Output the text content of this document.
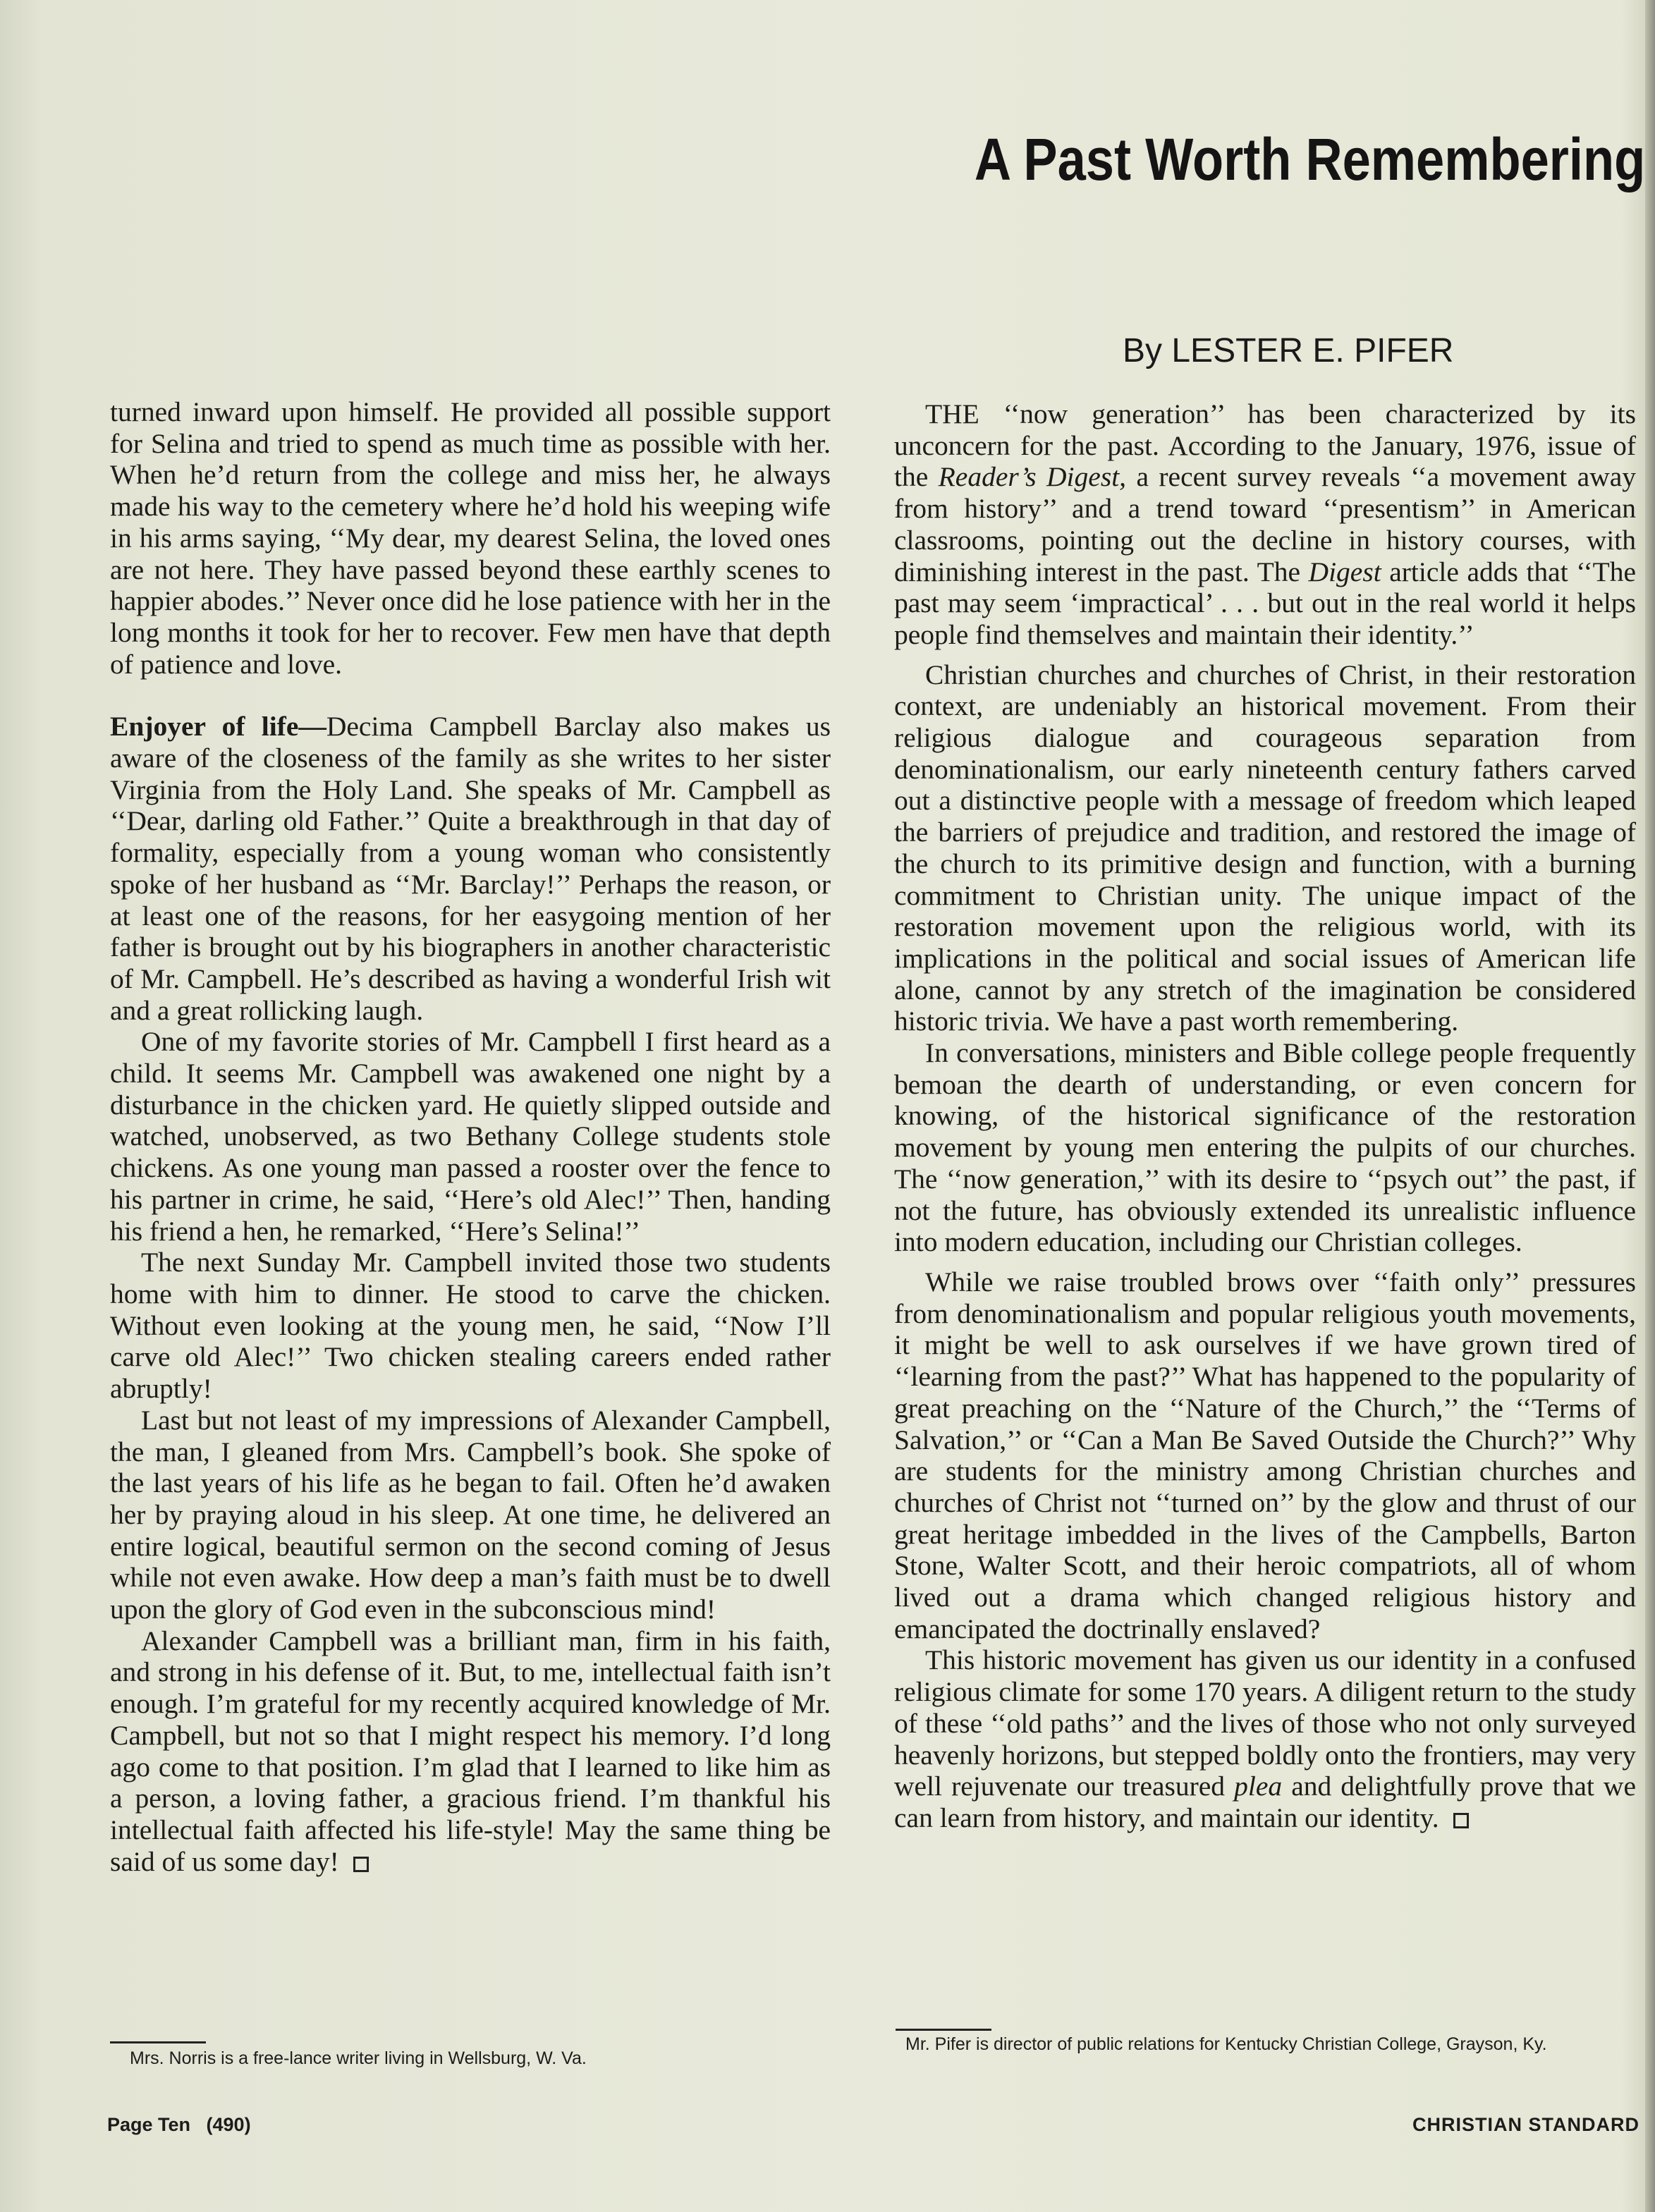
A Past Worth Remembering
By LESTER E. PIFER

turned inward upon himself. He provided all possible support for Selina and tried to spend as much time as possible with her. When he’d return from the college and miss her, he always made his way to the cemetery where he’d hold his weeping wife in his arms saying, ‘‘My dear, my dearest Selina, the loved ones are not here. They have passed beyond these earthly scenes to happier abodes.’’ Never once did he lose patience with her in the long months it took for her to recover. Few men have that depth of patience and love.

Enjoyer of life—Decima Campbell Barclay also makes us aware of the closeness of the family as she writes to her sister Virginia from the Holy Land. She speaks of Mr. Campbell as ‘‘Dear, darling old Father.’’ Quite a breakthrough in that day of formality, especially from a young woman who consistently spoke of her husband as ‘‘Mr. Barclay!’’ Perhaps the reason, or at least one of the reasons, for her easygoing mention of her father is brought out by his biographers in another characteristic of Mr. Campbell. He’s described as having a wonderful Irish wit and a great rollicking laugh.

One of my favorite stories of Mr. Campbell I first heard as a child. It seems Mr. Campbell was awakened one night by a disturbance in the chicken yard. He quietly slipped outside and watched, unobserved, as two Bethany College students stole chickens. As one young man passed a rooster over the fence to his partner in crime, he said, ‘‘Here’s old Alec!’’ Then, handing his friend a hen, he remarked, ‘‘Here’s Selina!’’

The next Sunday Mr. Campbell invited those two students home with him to dinner. He stood to carve the chicken. Without even looking at the young men, he said, ‘‘Now I’ll carve old Alec!’’ Two chicken stealing careers ended rather abruptly!

Last but not least of my impressions of Alexander Campbell, the man, I gleaned from Mrs. Campbell’s book. She spoke of the last years of his life as he began to fail. Often he’d awaken her by praying aloud in his sleep. At one time, he delivered an entire logical, beautiful sermon on the second coming of Jesus while not even awake. How deep a man’s faith must be to dwell upon the glory of God even in the subconscious mind!

Alexander Campbell was a brilliant man, firm in his faith, and strong in his defense of it. But, to me, intellectual faith isn’t enough. I’m grateful for my recently acquired knowledge of Mr. Campbell, but not so that I might respect his memory. I’d long ago come to that position. I’m glad that I learned to like him as a person, a loving father, a gracious friend. I’m thankful his intellectual faith affected his life-style! May the same thing be said of us some day!

Mrs. Norris is a free-lance writer living in Wellsburg, W. Va.

THE ‘‘now generation’’ has been characterized by its unconcern for the past. According to the January, 1976, issue of the Reader’s Digest, a recent survey reveals ‘‘a movement away from history’’ and a trend toward ‘‘presentism’’ in American classrooms, pointing out the decline in history courses, with diminishing interest in the past. The Digest article adds that ‘‘The past may seem ‘impractical’ . . . but out in the real world it helps people find themselves and maintain their identity.’’

Christian churches and churches of Christ, in their restoration context, are undeniably an historical movement. From their religious dialogue and courageous separation from denominationalism, our early nineteenth century fathers carved out a distinctive people with a message of freedom which leaped the barriers of prejudice and tradition, and restored the image of the church to its primitive design and function, with a burning commitment to Christian unity. The unique impact of the restoration movement upon the religious world, with its implications in the political and social issues of American life alone, cannot by any stretch of the imagination be considered historic trivia. We have a past worth remembering.

In conversations, ministers and Bible college people frequently bemoan the dearth of understanding, or even concern for knowing, of the historical significance of the restoration movement by young men entering the pulpits of our churches. The ‘‘now generation,’’ with its desire to ‘‘psych out’’ the past, if not the future, has obviously extended its unrealistic influence into modern education, including our Christian colleges.

While we raise troubled brows over ‘‘faith only’’ pressures from denominationalism and popular religious youth movements, it might be well to ask ourselves if we have grown tired of ‘‘learning from the past?’’ What has happened to the popularity of great preaching on the ‘‘Nature of the Church,’’ the ‘‘Terms of Salvation,’’ or ‘‘Can a Man Be Saved Outside the Church?’’ Why are students for the ministry among Christian churches and churches of Christ not ‘‘turned on’’ by the glow and thrust of our great heritage imbedded in the lives of the Campbells, Barton Stone, Walter Scott, and their heroic compatriots, all of whom lived out a drama which changed religious history and emancipated the doctrinally enslaved?

This historic movement has given us our identity in a confused religious climate for some 170 years. A diligent return to the study of these ‘‘old paths’’ and the lives of those who not only surveyed heavenly horizons, but stepped boldly onto the frontiers, may very well rejuvenate our treasured plea and delightfully prove that we can learn from history, and maintain our identity.

Mr. Pifer is director of public relations for Kentucky Christian College, Grayson, Ky.
Page Ten   (490)	CHRISTIAN STANDARD
